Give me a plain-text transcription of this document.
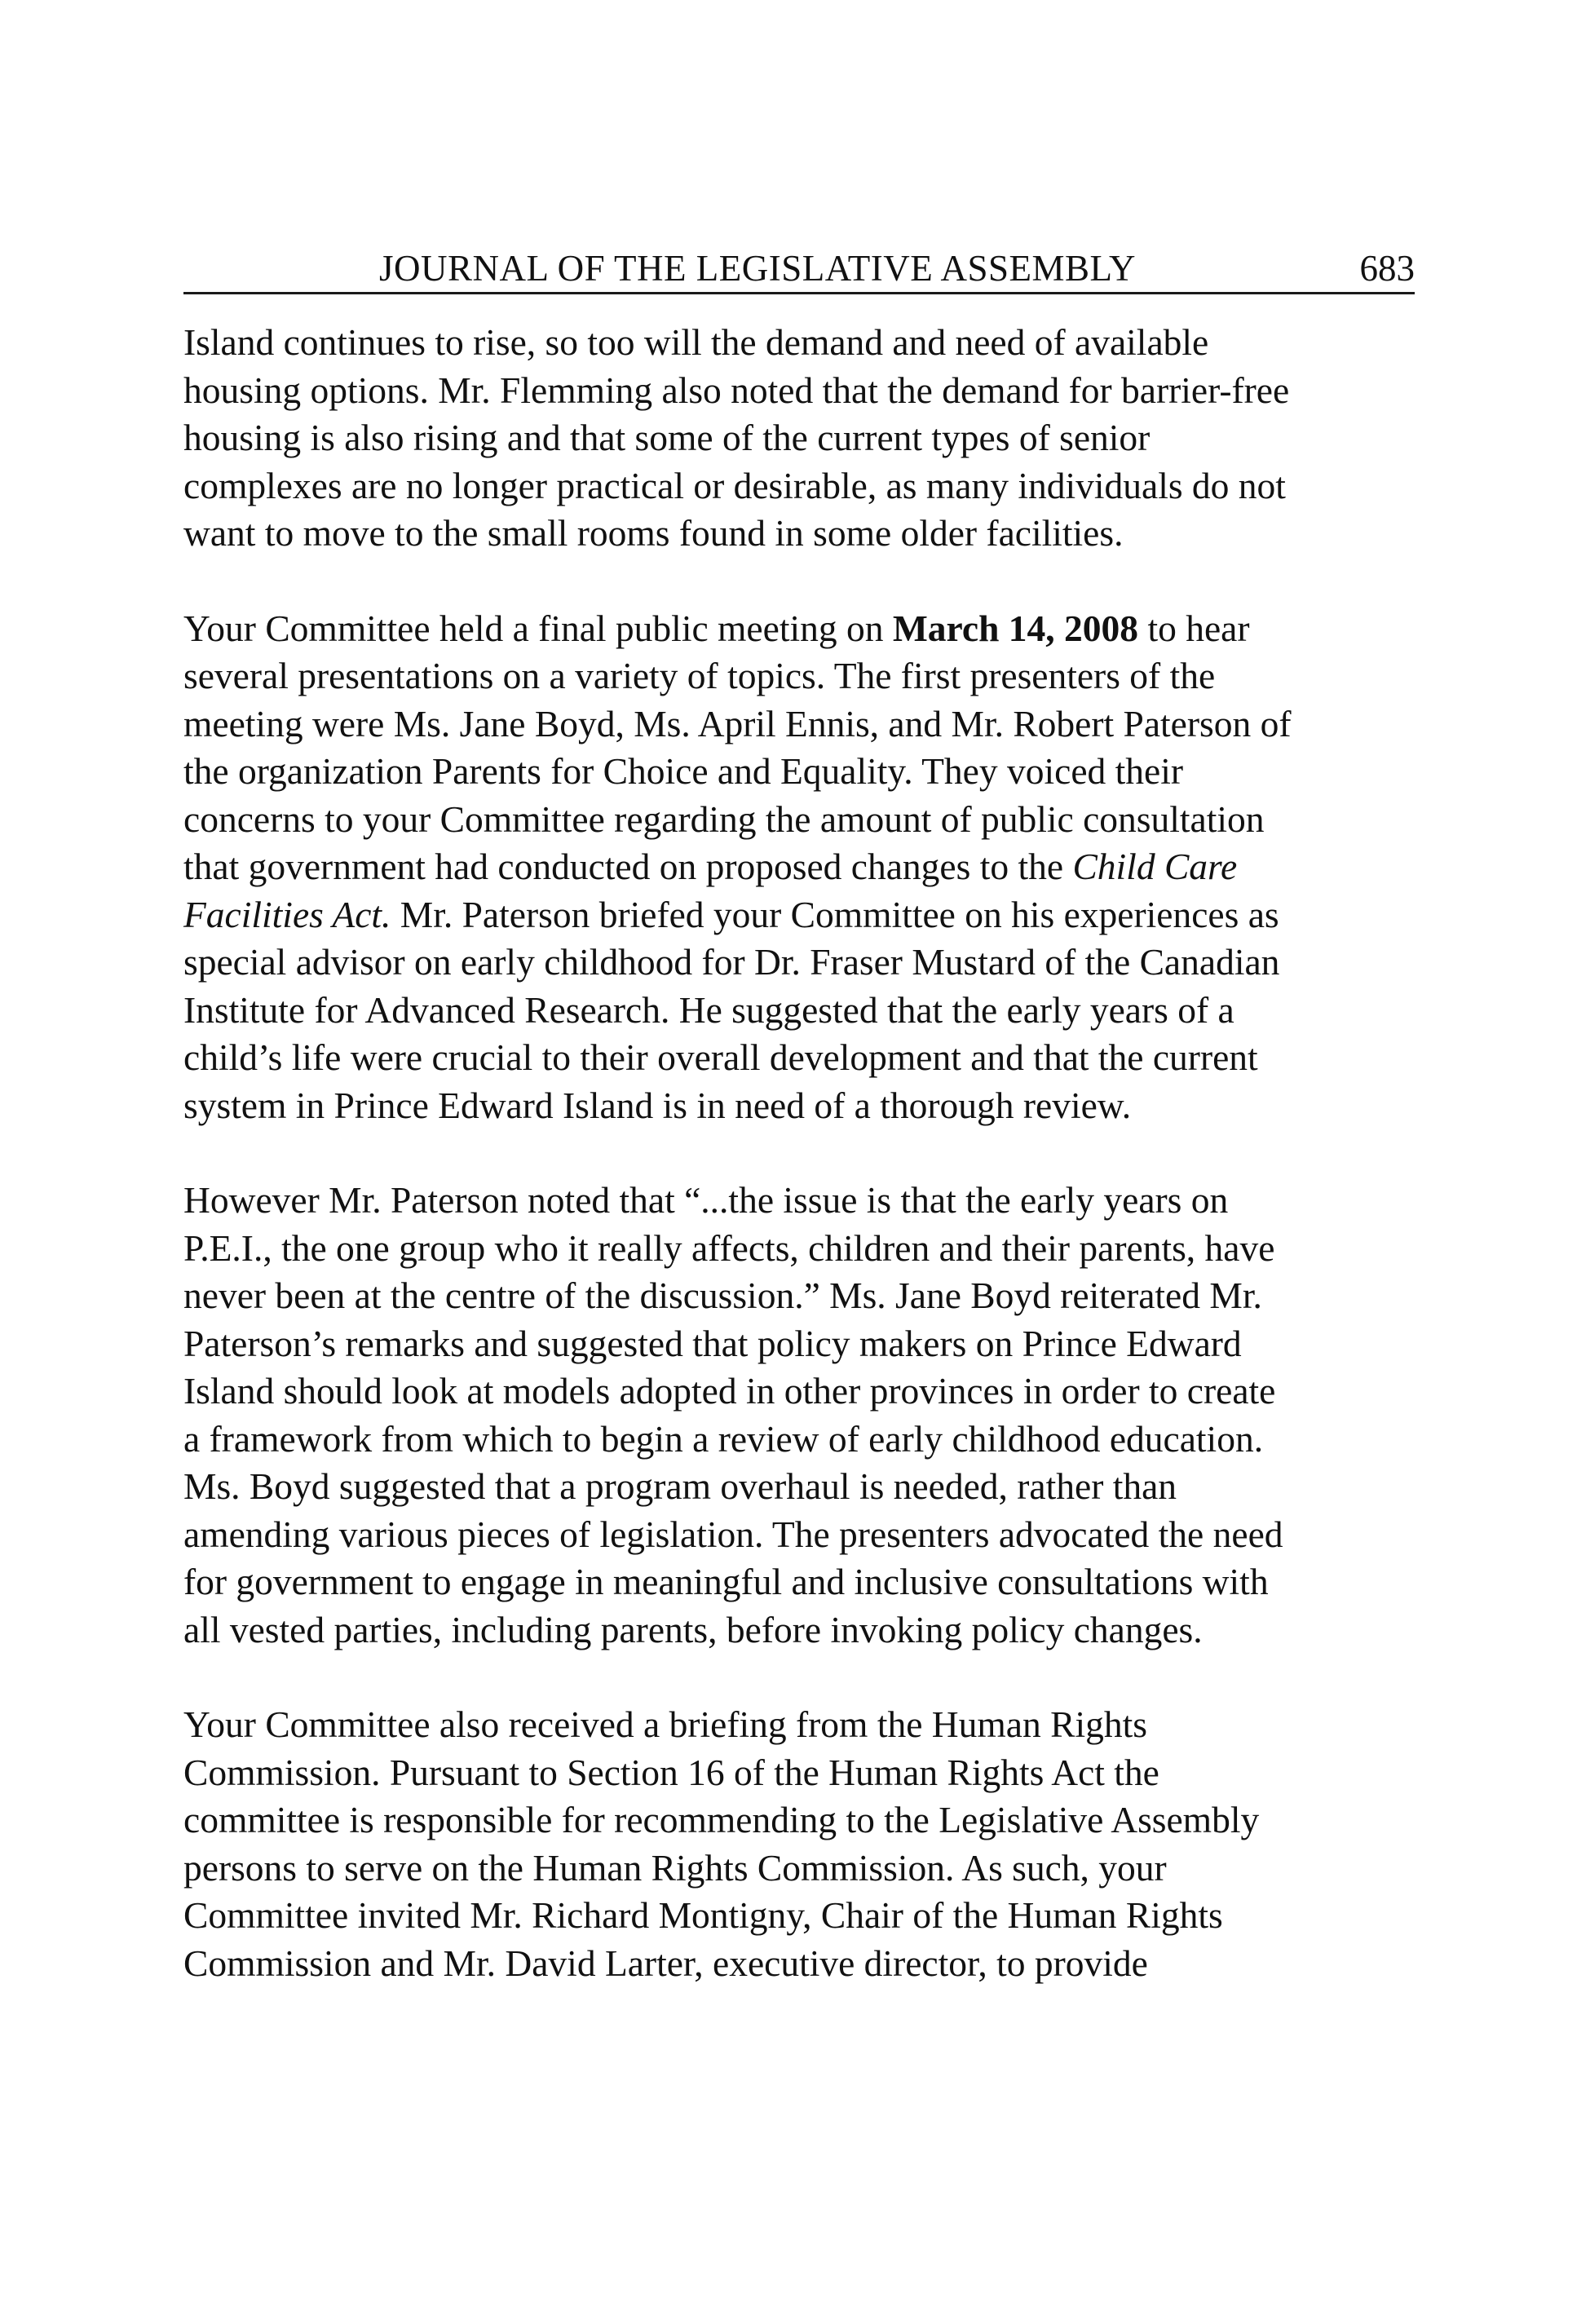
JOURNAL OF THE LEGISLATIVE ASSEMBLY	683

Island continues to rise, so too will the demand and need of available
housing options. Mr. Flemming also noted that the demand for barrier-free
housing is also rising and that some of the current types of senior
complexes are no longer practical or desirable, as many individuals do not
want to move to the small rooms found in some older facilities.

Your Committee held a final public meeting on March 14, 2008 to hear
several presentations on a variety of topics. The first presenters of the
meeting were Ms. Jane Boyd, Ms. April Ennis, and Mr. Robert Paterson of
the organization Parents for Choice and Equality. They voiced their
concerns to your Committee regarding the amount of public consultation
that government had conducted on proposed changes to the Child Care
Facilities Act. Mr. Paterson briefed your Committee on his experiences as
special advisor on early childhood for Dr. Fraser Mustard of the Canadian
Institute for Advanced Research. He suggested that the early years of a
child’s life were crucial to their overall development and that the current
system in Prince Edward Island is in need of a thorough review.

However Mr. Paterson noted that “...the issue is that the early years on
P.E.I., the one group who it really affects, children and their parents, have
never been at the centre of the discussion.” Ms. Jane Boyd reiterated Mr.
Paterson’s remarks and suggested that policy makers on Prince Edward
Island should look at models adopted in other provinces in order to create
a framework from which to begin a review of early childhood education.
Ms. Boyd suggested that a program overhaul is needed, rather than
amending various pieces of legislation. The presenters advocated the need
for government to engage in meaningful and inclusive consultations with
all vested parties, including parents, before invoking policy changes.

Your Committee also received a briefing from the Human Rights
Commission. Pursuant to Section 16 of the Human Rights Act the
committee is responsible for recommending to the Legislative Assembly
persons to serve on the Human Rights Commission. As such, your
Committee invited Mr. Richard Montigny, Chair of the Human Rights
Commission and Mr. David Larter, executive director, to provide
